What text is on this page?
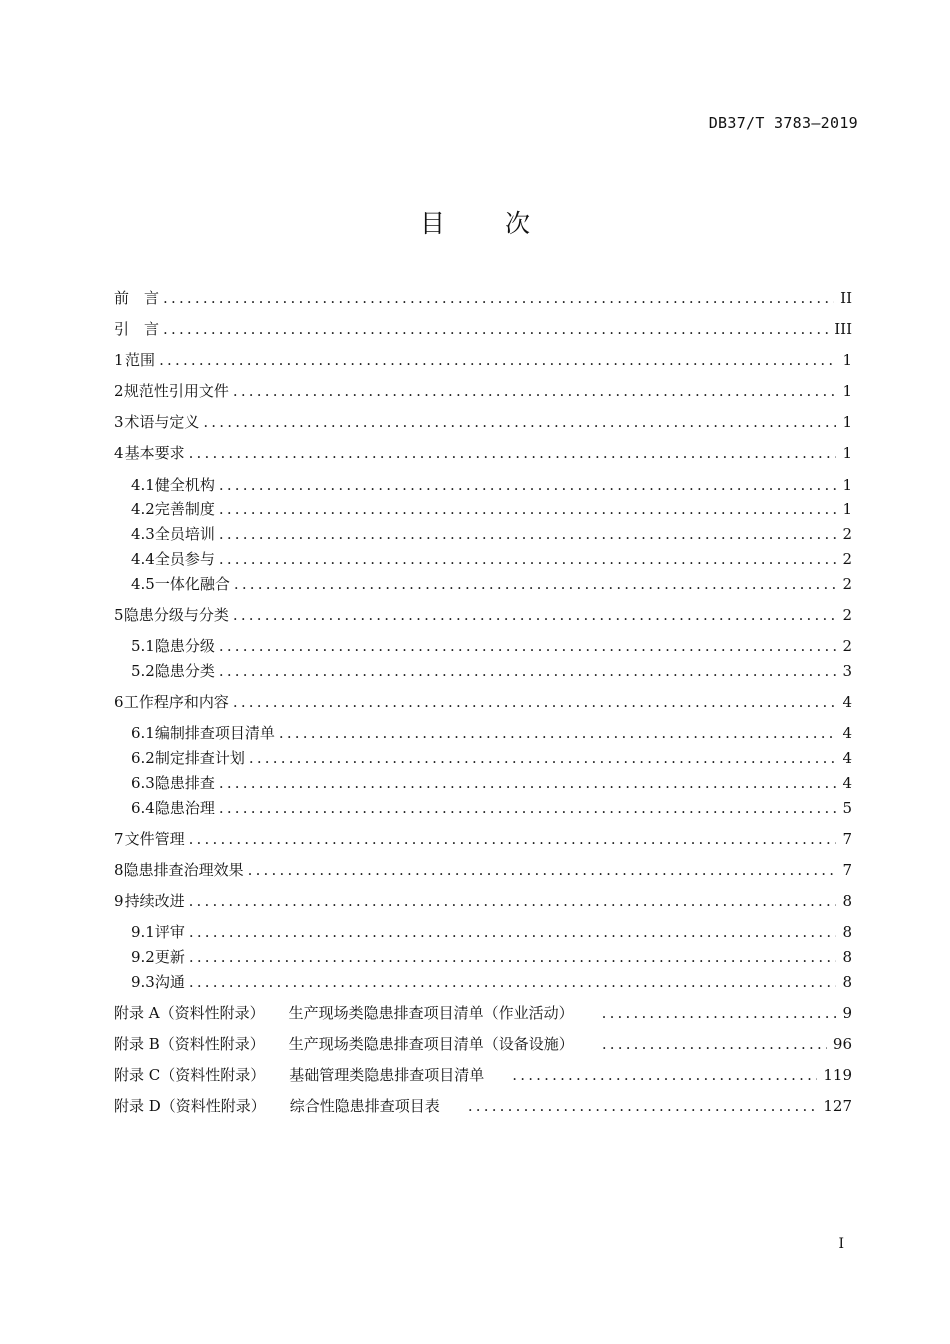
DB37/T 3783—2019
目 次
前　言 .....	II
引　言 .....	III
1 范围 .....	1
2 规范性引用文件 .....	1
3 术语与定义 .....	1
4 基本要求 .....	1
4.1 健全机构 .....	1
4.2 完善制度 .....	1
4.3 全员培训 .....	2
4.4 全员参与 .....	2
4.5 一体化融合 .....	2
5 隐患分级与分类 .....	2
5.1 隐患分级 .....	2
5.2 隐患分类 .....	3
6 工作程序和内容 .....	4
6.1 编制排查项目清单 .....	4
6.2 制定排查计划 .....	4
6.3 隐患排查 .....	4
6.4 隐患治理 .....	5
7 文件管理 .....	7
8 隐患排查治理效果 .....	7
9 持续改进 .....	8
9.1 评审 .....	8
9.2 更新 .....	8
9.3 沟通 .....	8
附录 A（资料性附录） 生产现场类隐患排查项目清单（作业活动） .....	9
附录 B（资料性附录） 生产现场类隐患排查项目清单（设备设施） .....	96
附录 C（资料性附录） 基础管理类隐患排查项目清单 .....	119
附录 D（资料性附录） 综合性隐患排查项目表 .....	127
I
